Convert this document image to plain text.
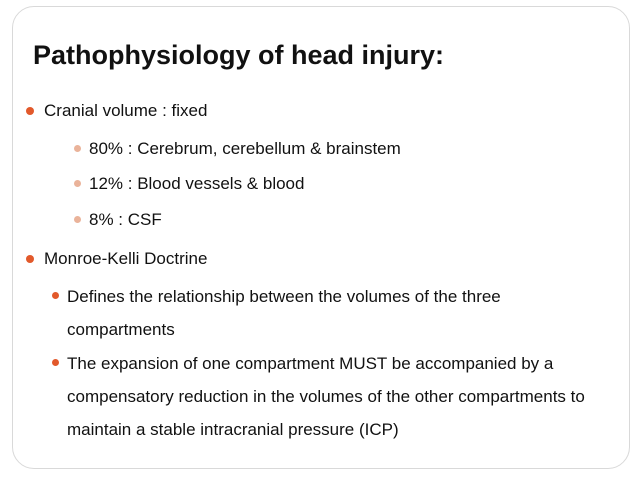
Pathophysiology of head injury:
Cranial volume : fixed
80% : Cerebrum, cerebellum & brainstem
12% : Blood vessels & blood
8% : CSF
Monroe-Kelli Doctrine
Defines the relationship between the volumes of the three compartments
The expansion of one compartment MUST be accompanied by a compensatory reduction in the volumes of the other compartments to maintain a stable intracranial pressure (ICP)
